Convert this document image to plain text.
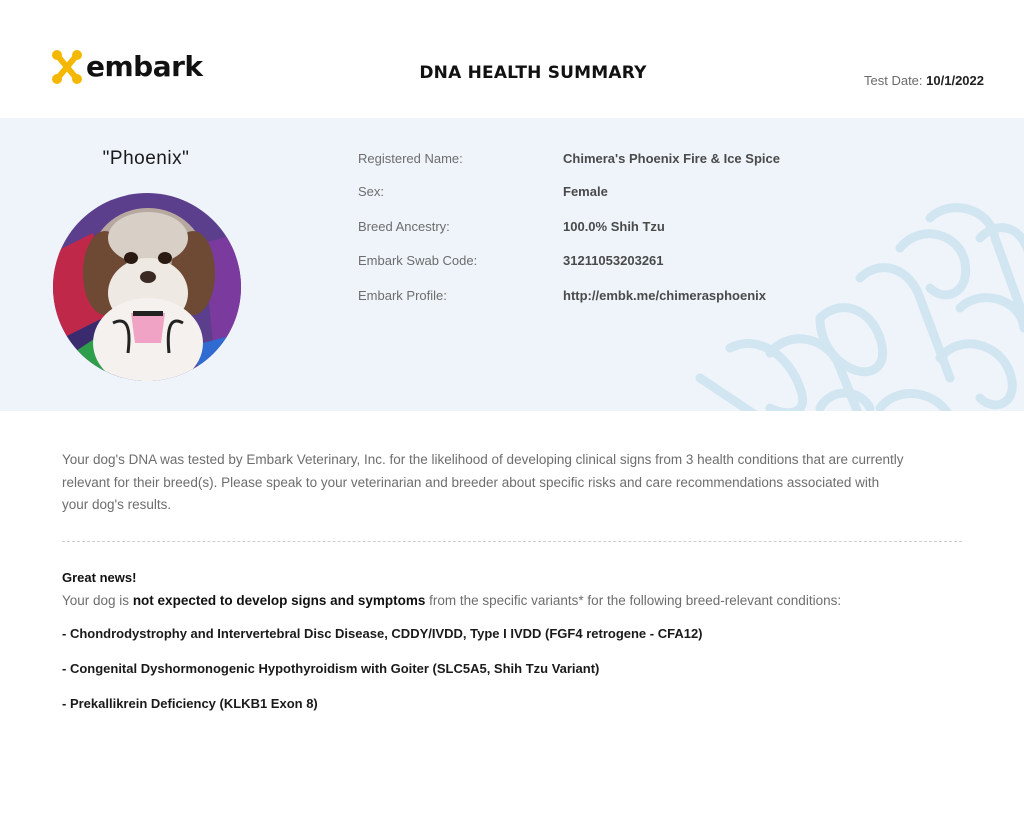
embark	DNA HEALTH SUMMARY	Test Date: 10/1/2022
"Phoenix"	Registered Name:	Chimera's Phoenix Fire & Ice Spice
Sex:	Female
Breed Ancestry:	100.0% Shih Tzu
Embark Swab Code:	31211053203261
Embark Profile:	http://embk.me/chimerasphoenix
Your dog's DNA was tested by Embark Veterinary, Inc. for the likelihood of developing clinical signs from 3 health conditions that are currently
relevant for their breed(s). Please speak to your veterinarian and breeder about specific risks and care recommendations associated with
your dog's results.
Great news!
Your dog is not expected to develop signs and symptoms from the specific variants* for the following breed-relevant conditions:
- Chondrodystrophy and Intervertebral Disc Disease, CDDY/IVDD, Type I IVDD (FGF4 retrogene - CFA12)
- Congenital Dyshormonogenic Hypothyroidism with Goiter (SLC5A5, Shih Tzu Variant)
- Prekallikrein Deficiency (KLKB1 Exon 8)
